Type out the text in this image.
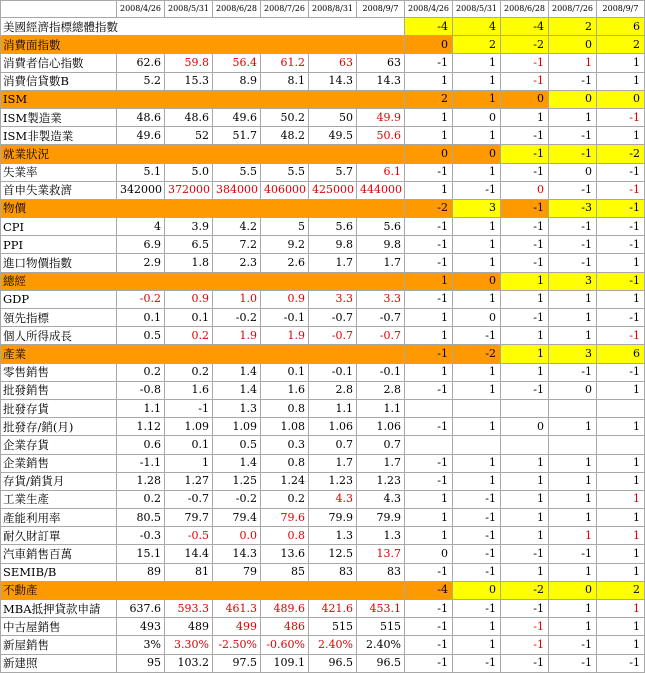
	2008/4/26	2008/5/31	2008/6/28	2008/7/26	2008/8/31	2008/9/7	2008/4/26	2008/5/31	2008/6/28	2008/7/26	2008/9/7
美國經濟指標總體指數							-4	4	-4	2	6
消費面指數							0	2	-2	0	2
消費者信心指數	62.6	59.8	56.4	61.2	63	63	-1	1	-1	1	1
消費信貸數B	5.2	15.3	8.9	8.1	14.3	14.3	1	1	-1	-1	1
ISM							2	1	0	0	0
ISM製造業	48.6	48.6	49.6	50.2	50	49.9	1	0	1	1	-1
ISM非製造業	49.6	52	51.7	48.2	49.5	50.6	1	1	-1	-1	1
就業狀況							0	0	-1	-1	-2
失業率	5.1	5.0	5.5	5.5	5.7	6.1	-1	1	-1	0	-1
首申失業救濟	342000	372000	384000	406000	425000	444000	1	-1	0	-1	-1
物價							-2	3	-1	-3	-1
CPI	4	3.9	4.2	5	5.6	5.6	-1	1	-1	-1	-1
PPI	6.9	6.5	7.2	9.2	9.8	9.8	-1	1	-1	-1	-1
進口物價指數	2.9	1.8	2.3	2.6	1.7	1.7	-1	1	-1	-1	1
總經							1	0	1	3	-1
GDP	-0.2	0.9	1.0	0.9	3.3	3.3	-1	1	1	1	1
領先指標	0.1	0.1	-0.2	-0.1	-0.7	-0.7	1	0	-1	1	-1
個人所得成長	0.5	0.2	1.9	1.9	-0.7	-0.7	1	-1	1	1	-1
產業							-1	-2	1	3	6
零售銷售	0.2	0.2	1.4	0.1	-0.1	-0.1	1	1	1	-1	-1
批發銷售	-0.8	1.6	1.4	1.6	2.8	2.8	-1	1	-1	0	1
批發存貨	1.1	-1	1.3	0.8	1.1	1.1					
批發存/銷(月)	1.12	1.09	1.09	1.08	1.06	1.06	-1	1	0	1	1
企業存貨	0.6	0.1	0.5	0.3	0.7	0.7					
企業銷售	-1.1	1	1.4	0.8	1.7	1.7	-1	1	1	1	1
存貨/銷貨月	1.28	1.27	1.25	1.24	1.23	1.23	-1	1	1	1	1
工業生產	0.2	-0.7	-0.2	0.2	4.3	4.3	1	-1	1	1	1
產能利用率	80.5	79.7	79.4	79.6	79.9	79.9	1	-1	1	1	1
耐久財訂單	-0.3	-0.5	0.0	0.8	1.3	1.3	1	-1	1	1	1
汽車銷售百萬	15.1	14.4	14.3	13.6	12.5	13.7	0	-1	-1	-1	1
SEMIB/B	89	81	79	85	83	83	-1	-1	1	1	1
不動產							-4	0	-2	0	2
MBA抵押貸款申請	637.6	593.3	461.3	489.6	421.6	453.1	-1	-1	-1	1	1
中古屋銷售	493	489	499	486	515	515	-1	1	-1	1	1
新屋銷售	3%	3.30%	-2.50%	-0.60%	2.40%	2.40%	-1	1	-1	-1	1
新建照	95	103.2	97.5	109.1	96.5	96.5	-1	-1	-1	-1	-1
